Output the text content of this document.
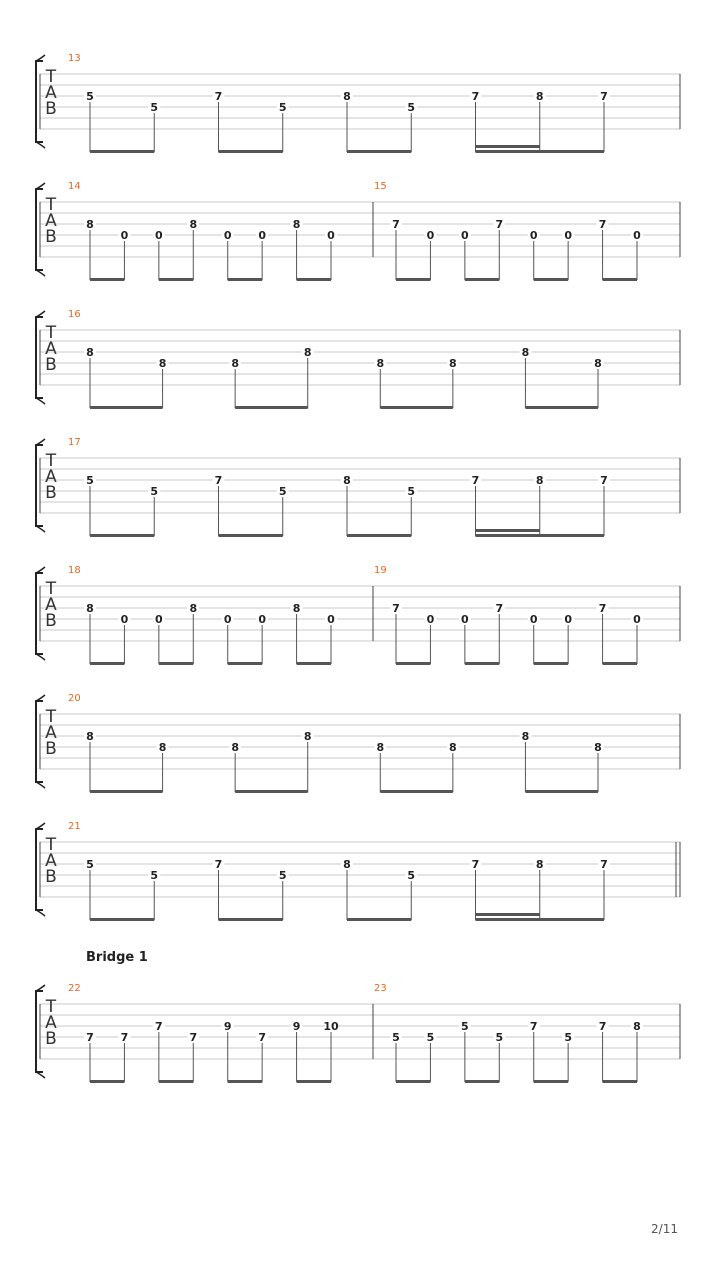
T
A
B
13
5
5
7
5
8
5
7	8	7
T
A
B
14
8
0 0
8
0 0
8
0
15
7
0 0
7
0 0
7
0
T
A
B
16
8
8	8
8
8	8
8
8
T
A
B
17
5
5
7
5
8
5
7	8	7
T
A
B
18
8
0 0
8
0 0
8
0
19
7
0 0
7
0 0
7
0
T
A
B
20
8
8	8
8
8	8
8
8
T
A
B
21
5
5
7
5
8
5
7	8	7
T
A
B
22
7 7
7
7
9
7
9 10
23
5 5
5
5
7
5
7 8
Bridge 1
2/11
